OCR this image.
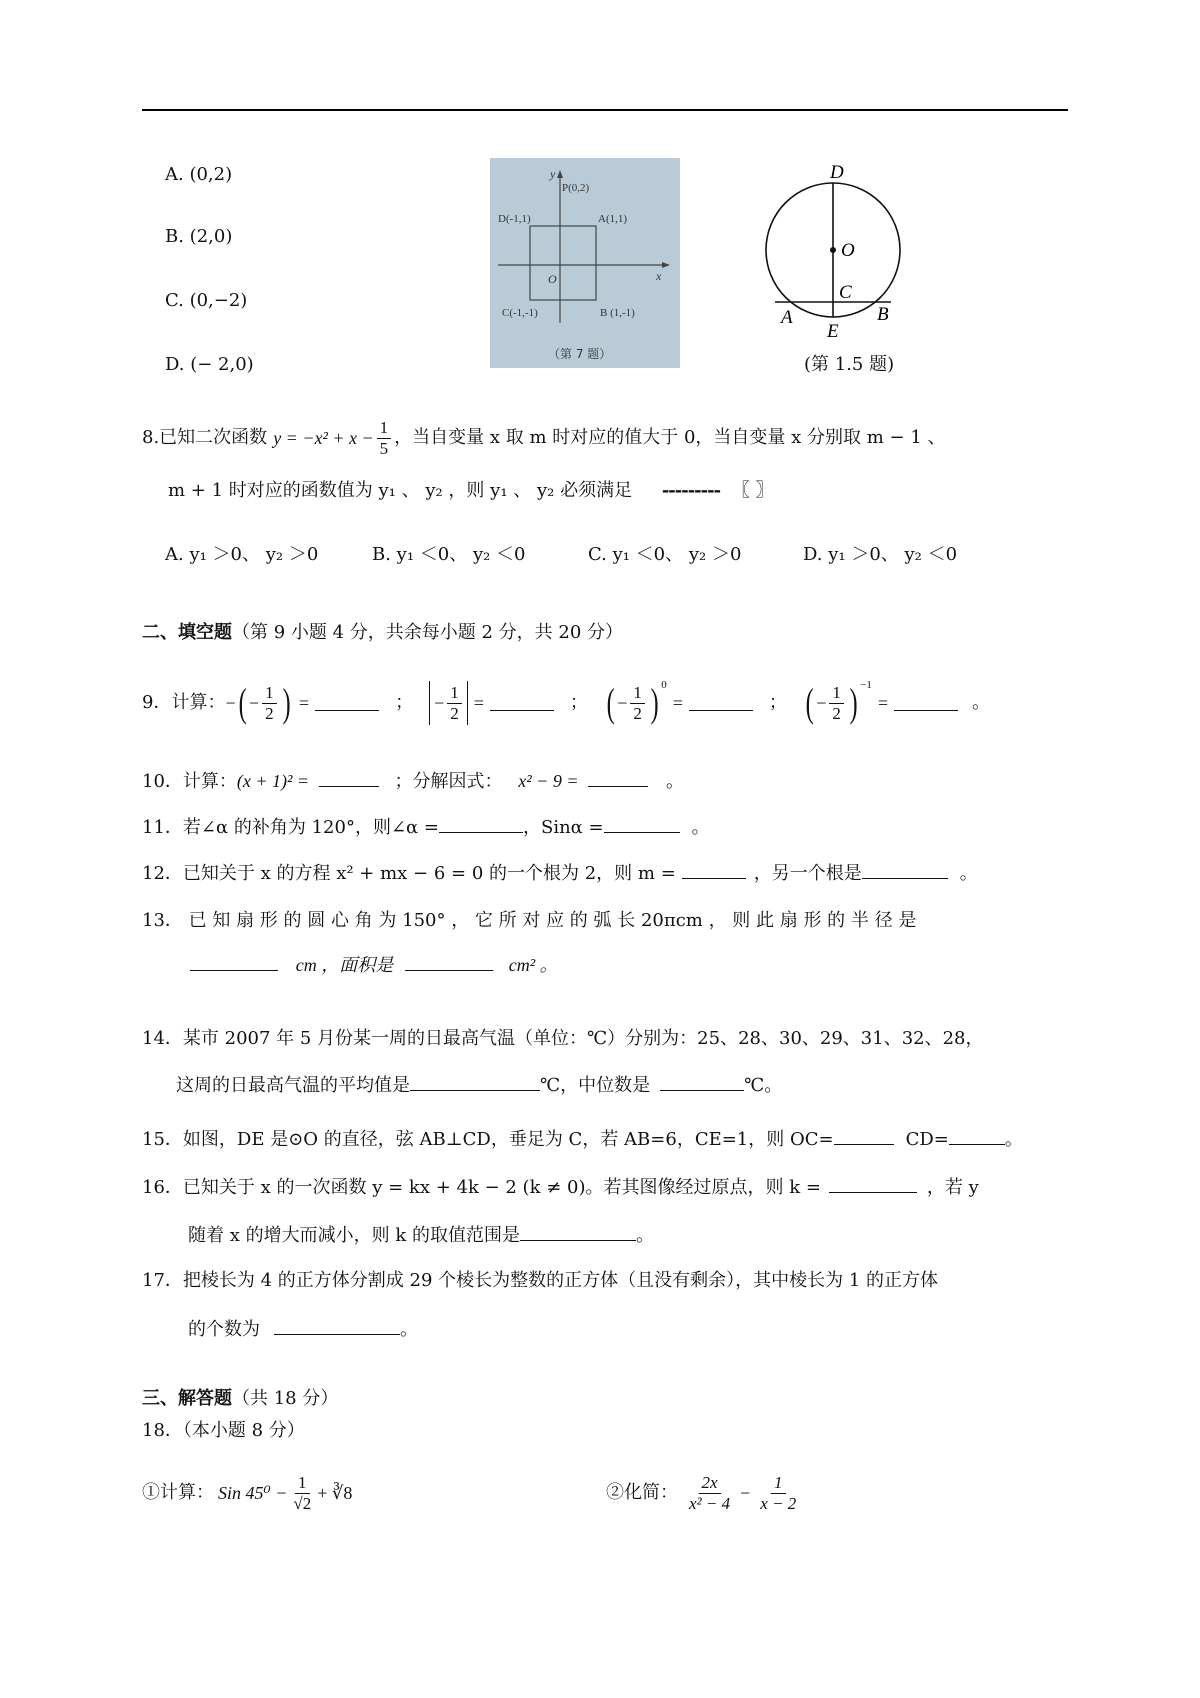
A. (0,2)
B. (2,0)
C. (0,−2)
D. (− 2,0)
y
x
O
P(0,2)
A(1,1)
D(-1,1)
C(-1,-1)	B (1,-1)
（第 7 题）
D
O
C
A	B
E
(第 1.5 题)
8.已知二次函数 $y = -x^2 + x - \frac{1}{5}$ ，当自变量 x 取 m 时对应的值大于 0，当自变量 x 分别取 m − 1 、
m + 1 时对应的函数值为 y₁ 、 y₂ ，则 y₁ 、 y₂ 必须满足 --------- 〖 〗
A. y₁ ＞0、 y₂ ＞0	B. y₁ ＜0、 y₂ ＜0	C. y₁ ＜0、 y₂ ＞0	D. y₁ ＞0、 y₂ ＜0
二、填空题（第 9 小题 4 分，共余每小题 2 分，共 20 分）
9．计算： − ( − $\frac{1}{2}$ ) =	； − $\frac{1}{2}$ =	； ( − $\frac{1}{2}$ ) 0
=	； ( − $\frac{1}{2}$ ) −1
=	。
10．计算：(x + 1)² =	；分解因式： x² − 9 =	。
11．若∠α 的补角为 120°，则∠α =	，Sinα =	。
12．已知关于 x 的方程 x² + mx − 6 = 0 的一个根为 2，则 m =	，另一个根是	。
13． 已 知 扇 形 的 圆 心 角 为 150° ， 它 所 对 应 的 弧 长 20πcm ， 则 此 扇 形 的 半 径 是
cm ，面积是	cm² 。
14．某市 2007 年 5 月份某一周的日最高气温（单位：℃）分别为：25、28、30、29、31、32、28，
这周的日最高气温的平均值是	℃，中位数是	℃。
15．如图，DE 是⊙O 的直径，弦 AB⊥CD，垂足为 C，若 AB=6，CE=1，则 OC=	CD=	。
16．已知关于 x 的一次函数 y = kx + 4k − 2 (k ≠ 0)。若其图像经过原点，则 k =	，若 y
随着 x 的增大而减小，则 k 的取值范围是	。
17．把棱长为 4 的正方体分割成 29 个棱长为整数的正方体（且没有剩余），其中棱长为 1 的正方体
的个数为	。
三、解答题（共 18 分）
18．（本小题 8 分）
①计算： Sin $45^0 - \frac{1}{√2}$ + ∛8	②化简： $\frac{2x}{\text{x² − 4}} - \frac{1}{x - 2}$
